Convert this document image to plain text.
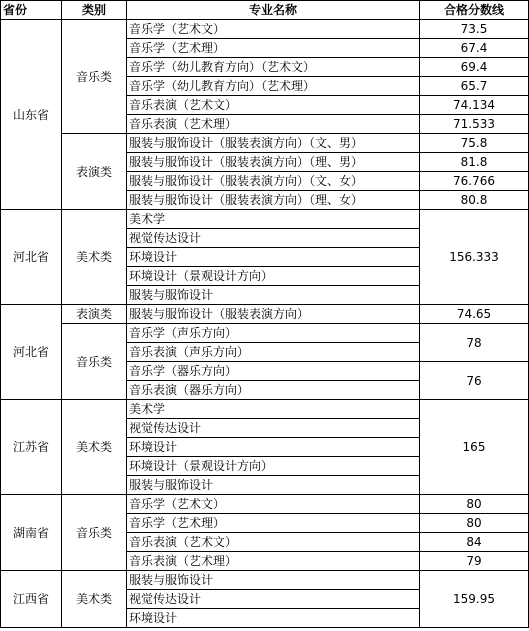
省份	类别	专业名称	合格分数线
山东省	音乐类	音乐学（艺术文）	73.5
		音乐学（艺术理）	67.4
		音乐学（幼儿教育方向）（艺术文）	69.4
		音乐学（幼儿教育方向）（艺术理）	65.7
		音乐表演（艺术文）	74.134
		音乐表演（艺术理）	71.533
	表演类	服装与服饰设计（服装表演方向）（文、男）	75.8
		服装与服饰设计（服装表演方向）（理、男）	81.8
		服装与服饰设计（服装表演方向）（文、女）	76.766
		服装与服饰设计（服装表演方向）（理、女）	80.8
河北省	美术类	美术学	156.333
		视觉传达设计	
		环境设计	
		环境设计（景观设计方向）	
		服装与服饰设计	
河北省	表演类	服装与服饰设计（服装表演方向）	74.65
	音乐类	音乐学（声乐方向）	78
		音乐表演（声乐方向）	
		音乐学（器乐方向）	76
		音乐表演（器乐方向）	
江苏省	美术类	美术学	165
		视觉传达设计	
		环境设计	
		环境设计（景观设计方向）	
		服装与服饰设计	
湖南省	音乐类	音乐学（艺术文）	80
		音乐学（艺术理）	80
		音乐表演（艺术文）	84
		音乐表演（艺术理）	79
江西省	美术类	服装与服饰设计	159.95
		视觉传达设计	
		环境设计	
